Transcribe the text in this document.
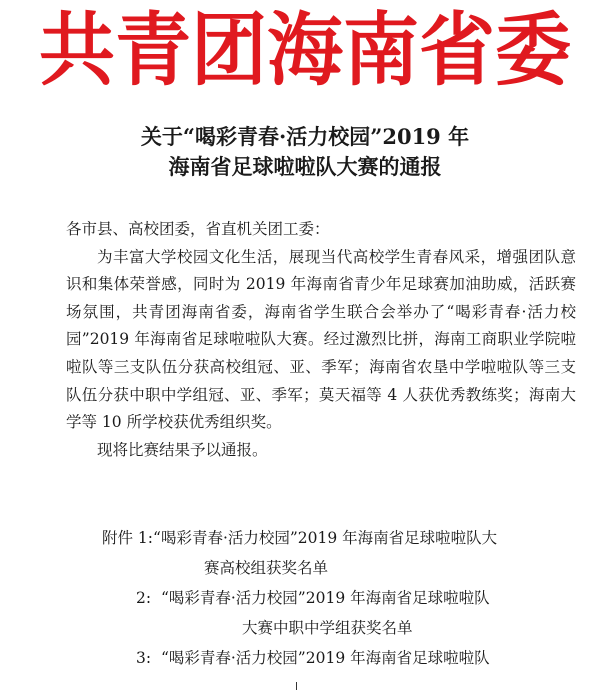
共青团海南省委
关于“喝彩青春·活力校园”2019 年
海南省足球啦啦队大赛的通报

各市县、高校团委，省直机关团工委：

为丰富大学校园文化生活，展现当代高校学生青春风采，增强团队意识和集体荣誉感，同时为 2019 年海南省青少年足球赛加油助威，活跃赛场氛围，共青团海南省委，海南省学生联合会举办了“喝彩青春·活力校园”2019 年海南省足球啦啦队大赛。经过激烈比拼，海南工商职业学院啦啦队等三支队伍分获高校组冠、亚、季军；海南省农垦中学啦啦队等三支队伍分获中职中学组冠、亚、季军；莫天福等 4 人获优秀教练奖；海南大学等 10 所学校获优秀组织奖。

现将比赛结果予以通报。

附件 1:“喝彩青春·活力校园”2019 年海南省足球啦啦队大
赛高校组获奖名单
2: “喝彩青春·活力校园”2019 年海南省足球啦啦队
大赛中职中学组获奖名单
3: “喝彩青春·活力校园”2019 年海南省足球啦啦队
